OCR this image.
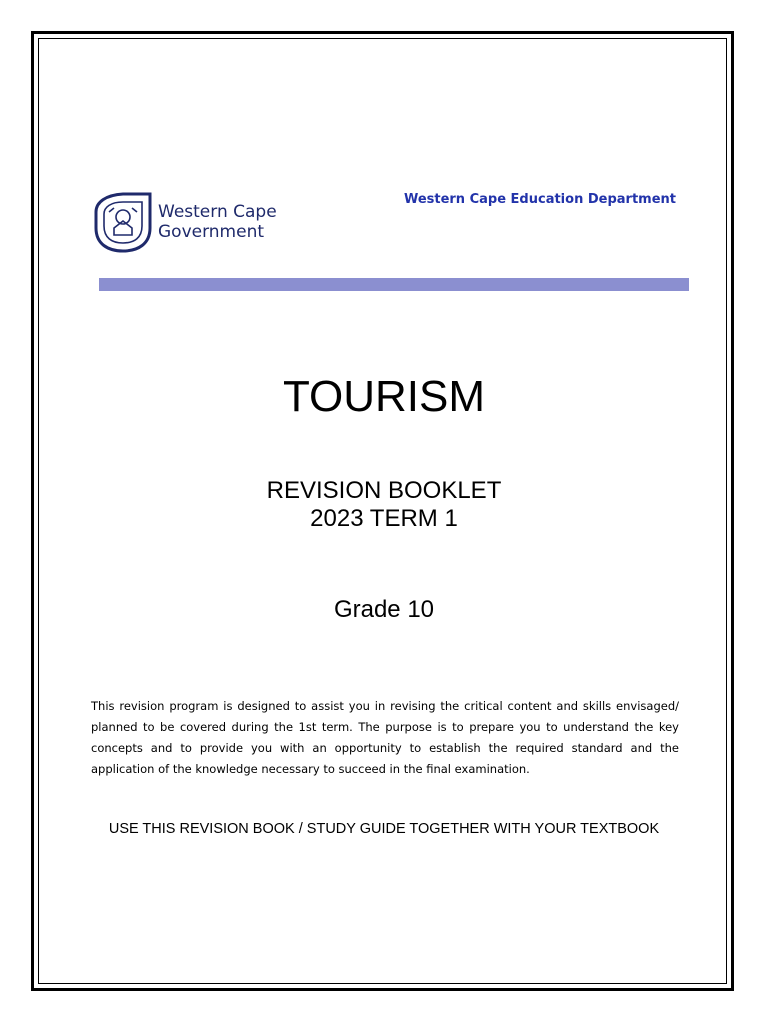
Western Cape
Government
Western Cape Education Department
TOURISM
REVISION BOOKLET
2023 TERM 1
Grade 10

This revision program is designed to assist you in revising the critical content and skills envisaged/ planned to be covered during the 1st term. The purpose is to prepare you to understand the key concepts and to provide you with an opportunity to establish the required standard and the application of the knowledge necessary to succeed in the final examination.

USE THIS REVISION BOOK / STUDY GUIDE TOGETHER WITH YOUR TEXTBOOK
